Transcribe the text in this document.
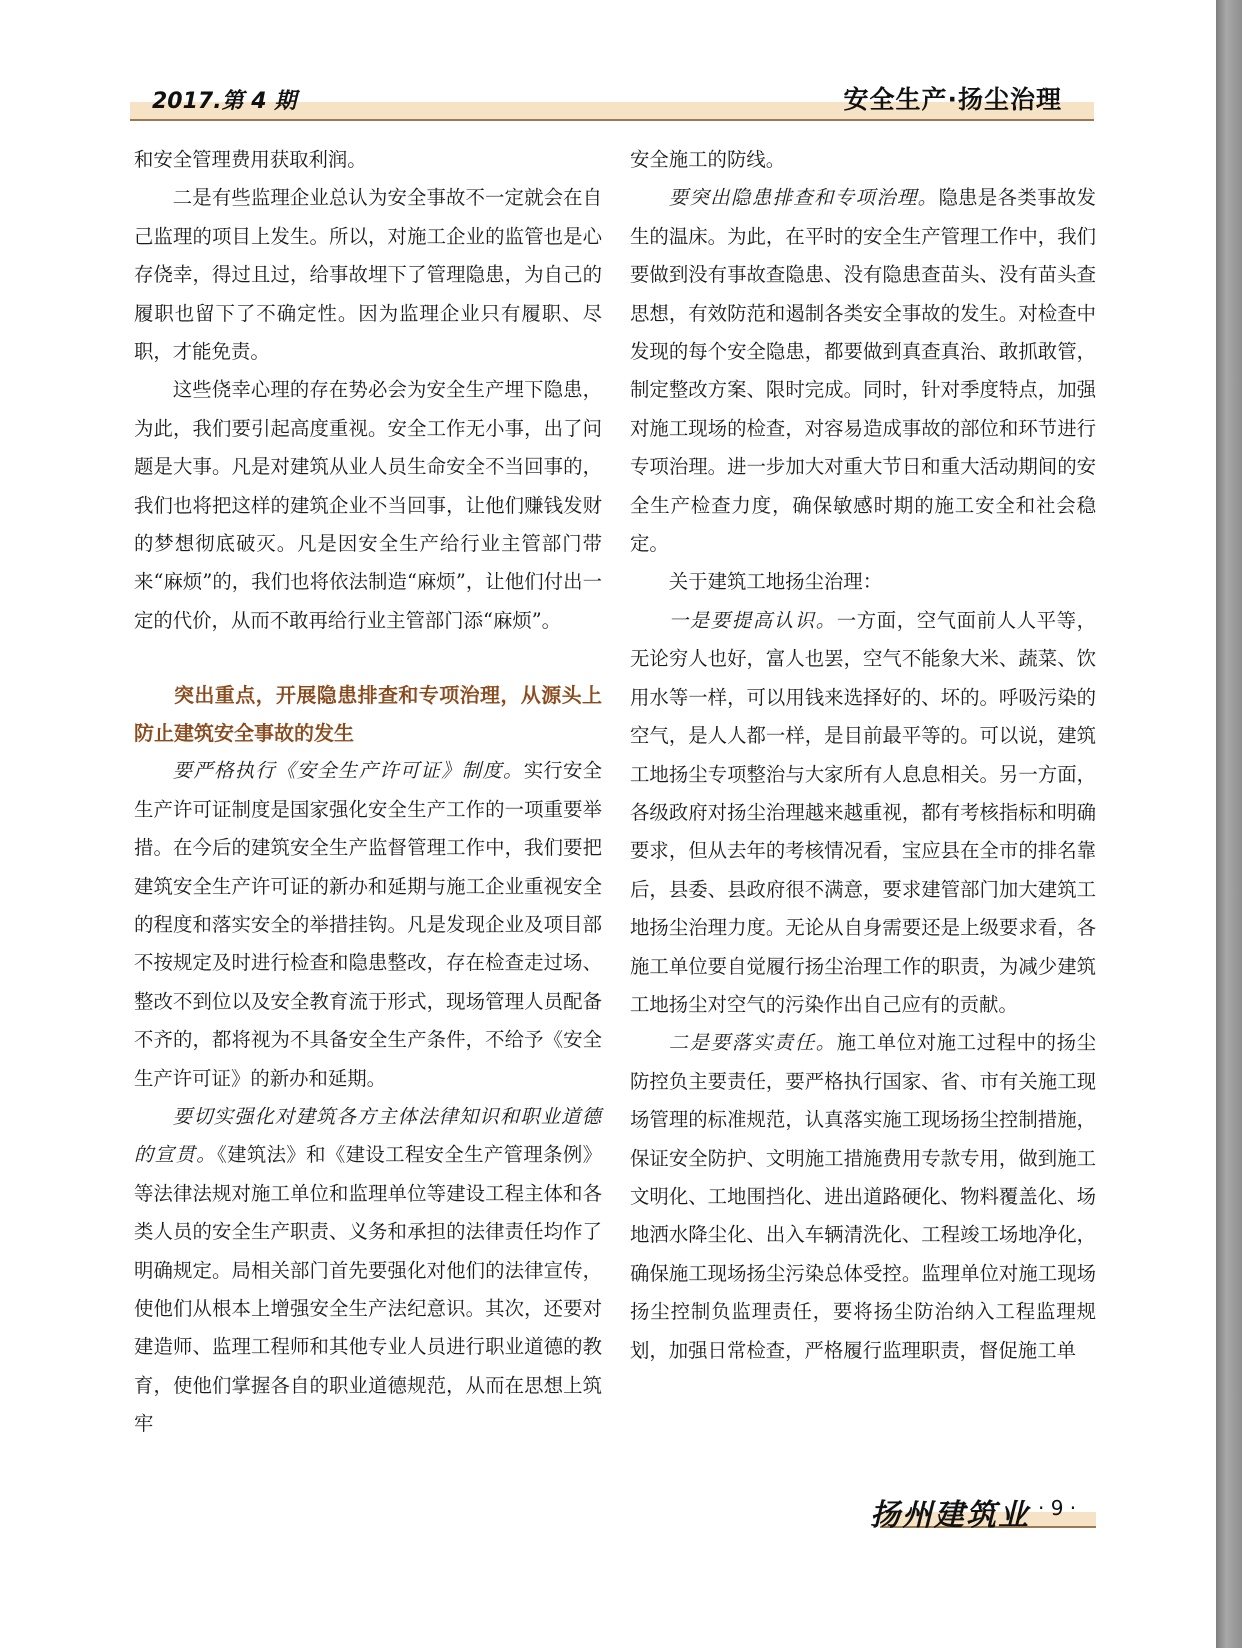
2017.第 4 期	安全生产·扬尘治理

和安全管理费用获取利润。

二是有些监理企业总认为安全事故不一定就会在自己监理的项目上发生。所以，对施工企业的监管也是心存侥幸，得过且过，给事故埋下了管理隐患，为自己的履职也留下了不确定性。因为监理企业只有履职、尽职，才能免责。

这些侥幸心理的存在势必会为安全生产埋下隐患，为此，我们要引起高度重视。安全工作无小事，出了问题是大事。凡是对建筑从业人员生命安全不当回事的，我们也将把这样的建筑企业不当回事，让他们赚钱发财的梦想彻底破灭。凡是因安全生产给行业主管部门带来“麻烦”的，我们也将依法制造“麻烦”，让他们付出一定的代价，从而不敢再给行业主管部门添“麻烦”。

突出重点，开展隐患排查和专项治理，从源头上防止建筑安全事故的发生

要严格执行《安全生产许可证》制度。实行安全生产许可证制度是国家强化安全生产工作的一项重要举措。在今后的建筑安全生产监督管理工作中，我们要把建筑安全生产许可证的新办和延期与施工企业重视安全的程度和落实安全的举措挂钩。凡是发现企业及项目部不按规定及时进行检查和隐患整改，存在检查走过场、整改不到位以及安全教育流于形式，现场管理人员配备不齐的，都将视为不具备安全生产条件，不给予《安全生产许可证》的新办和延期。

要切实强化对建筑各方主体法律知识和职业道德的宣贯。《建筑法》和《建设工程安全生产管理条例》等法律法规对施工单位和监理单位等建设工程主体和各类人员的安全生产职责、义务和承担的法律责任均作了明确规定。局相关部门首先要强化对他们的法律宣传，使他们从根本上增强安全生产法纪意识。其次，还要对建造师、监理工程师和其他专业人员进行职业道德的教育，使他们掌握各自的职业道德规范，从而在思想上筑牢

安全施工的防线。

要突出隐患排查和专项治理。隐患是各类事故发生的温床。为此，在平时的安全生产管理工作中，我们要做到没有事故查隐患、没有隐患查苗头、没有苗头查思想，有效防范和遏制各类安全事故的发生。对检查中发现的每个安全隐患，都要做到真查真治、敢抓敢管，制定整改方案、限时完成。同时，针对季度特点，加强对施工现场的检查，对容易造成事故的部位和环节进行专项治理。进一步加大对重大节日和重大活动期间的安全生产检查力度，确保敏感时期的施工安全和社会稳定。

关于建筑工地扬尘治理：

一是要提高认识。一方面，空气面前人人平等，无论穷人也好，富人也罢，空气不能象大米、蔬菜、饮用水等一样，可以用钱来选择好的、坏的。呼吸污染的空气，是人人都一样，是目前最平等的。可以说，建筑工地扬尘专项整治与大家所有人息息相关。另一方面，各级政府对扬尘治理越来越重视，都有考核指标和明确要求，但从去年的考核情况看，宝应县在全市的排名靠后，县委、县政府很不满意，要求建管部门加大建筑工地扬尘治理力度。无论从自身需要还是上级要求看，各施工单位要自觉履行扬尘治理工作的职责，为减少建筑工地扬尘对空气的污染作出自己应有的贡献。

二是要落实责任。施工单位对施工过程中的扬尘防控负主要责任，要严格执行国家、省、市有关施工现场管理的标准规范，认真落实施工现场扬尘控制措施，保证安全防护、文明施工措施费用专款专用，做到施工文明化、工地围挡化、进出道路硬化、物料覆盖化、场地洒水降尘化、出入车辆清洗化、工程竣工场地净化，确保施工现场扬尘污染总体受控。监理单位对施工现场扬尘控制负监理责任，要将扬尘防治纳入工程监理规划，加强日常检查，严格履行监理职责，督促施工单

扬州建筑业 · 9 ·
